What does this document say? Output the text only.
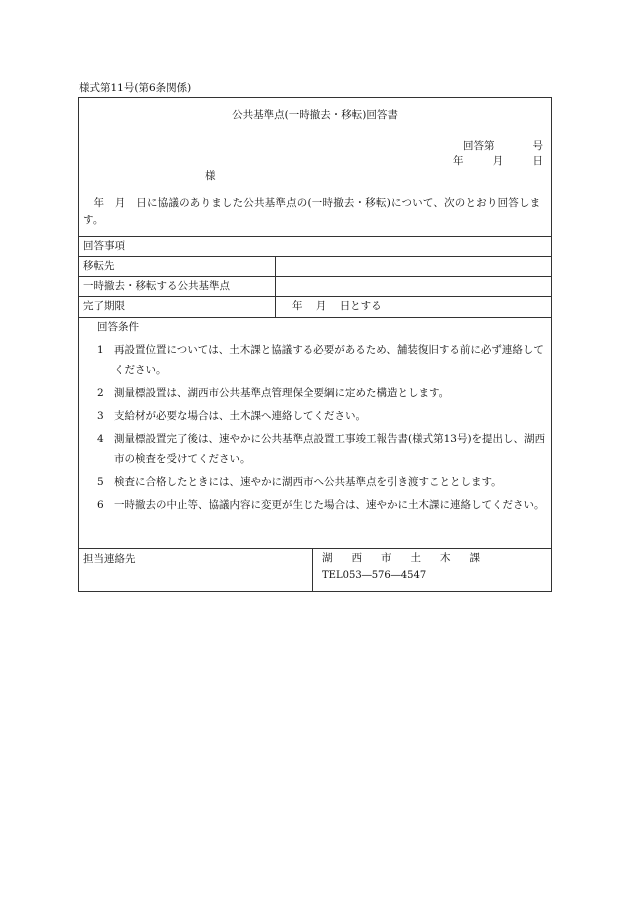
様式第11号(第6条関係)
公共基準点(一時撤去・移転)回答書
回答第	号
年	月	日
様
年　月　日に協議のありました公共基準点の(一時撤去・移転)について、次のとおり回答します。
回答事項
移転先
一時撤去・移転する公共基準点
完了期限	年 月 日とする
回答条件
1 再設置位置については、土木課と協議する必要があるため、舗装復旧する前に必ず連絡してください。
2 測量標設置は、湖西市公共基準点管理保全要綱に定めた構造とします。
3 支給材が必要な場合は、土木課へ連絡してください。
4 測量標設置完了後は、速やかに公共基準点設置工事竣工報告書(様式第13号)を提出し、湖西市の検査を受けてください。
5 検査に合格したときには、速やかに湖西市へ公共基準点を引き渡すこととします。
6 一時撤去の中止等、協議内容に変更が生じた場合は、速やかに土木課に連絡してください。
担当連絡先	湖 西 市 土 木 課
TEL053―576―4547
